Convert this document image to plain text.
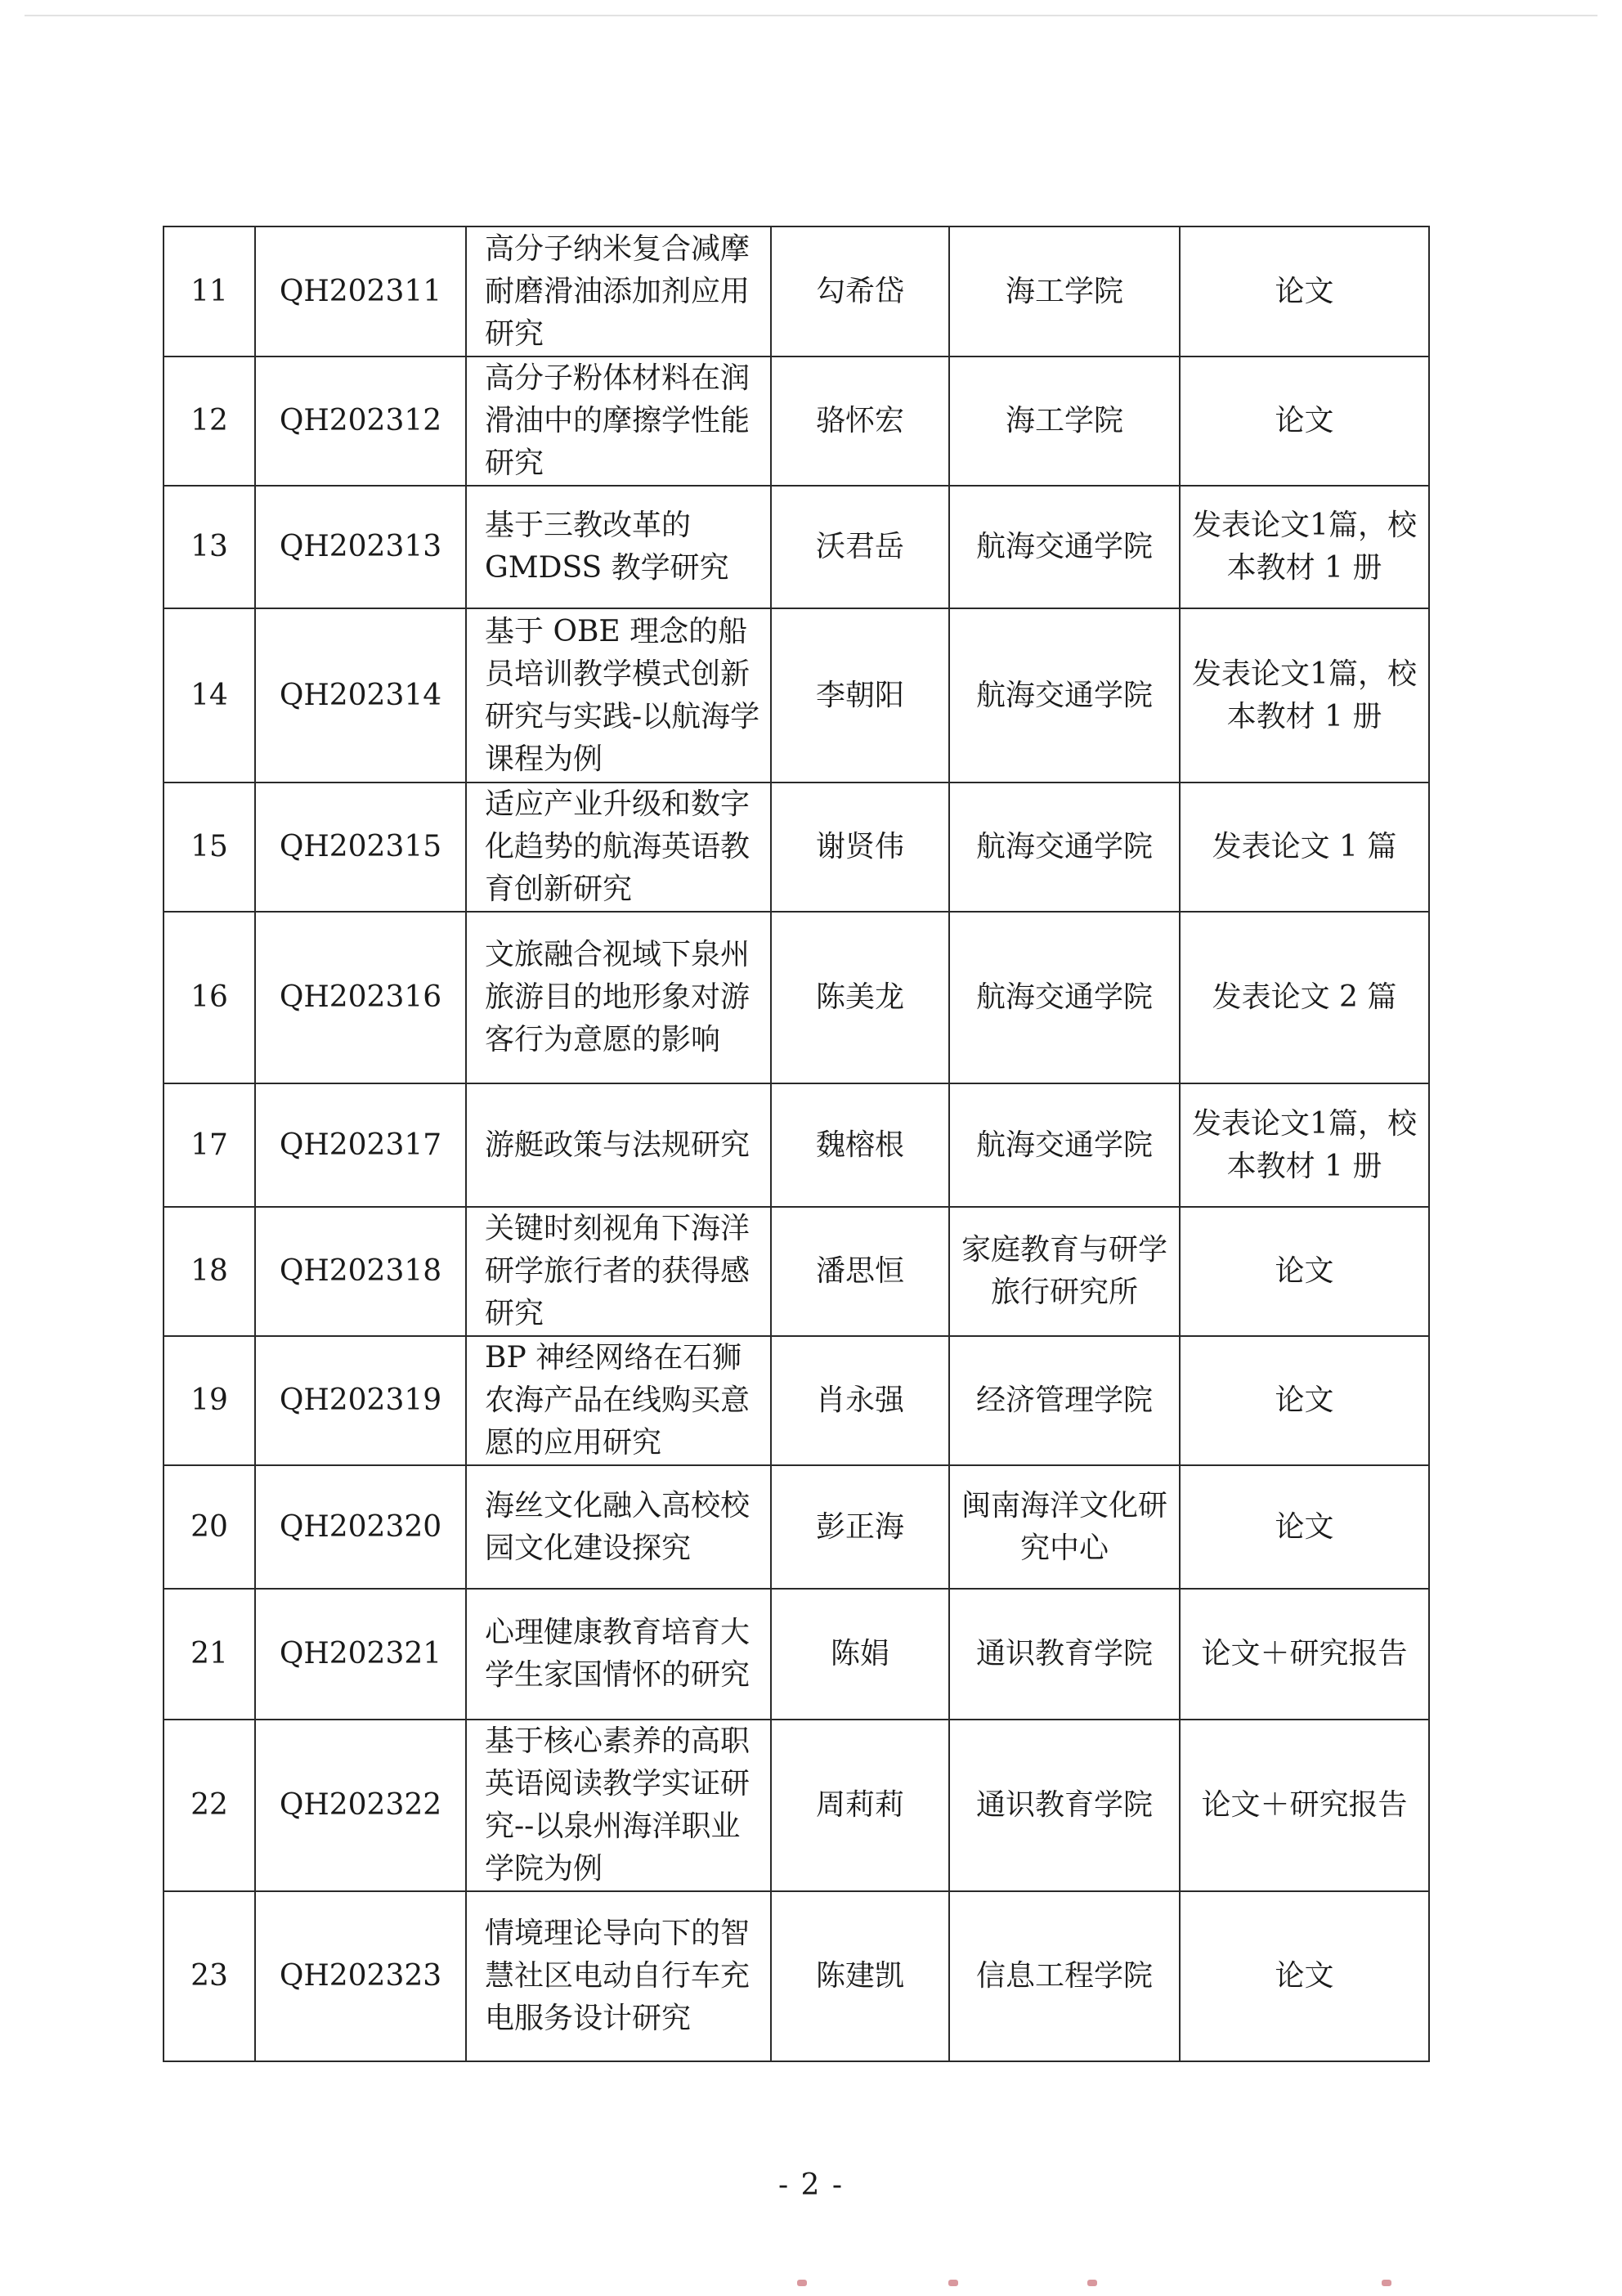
11	QH202311	高分子纳米复合减摩耐磨滑油添加剂应用研究	勾希岱	海工学院	论文
12	QH202312	高分子粉体材料在润滑油中的摩擦学性能研究	骆怀宏	海工学院	论文
13	QH202313	基于三教改革的GMDSS 教学研究	沃君岳	航海交通学院	发表论文1篇，校本教材 1 册
14	QH202314	基于 OBE 理念的船员培训教学模式创新研究与实践-以航海学课程为例	李朝阳	航海交通学院	发表论文1篇，校本教材 1 册
15	QH202315	适应产业升级和数字化趋势的航海英语教育创新研究	谢贤伟	航海交通学院	发表论文 1 篇
16	QH202316	文旅融合视域下泉州旅游目的地形象对游客行为意愿的影响	陈美龙	航海交通学院	发表论文 2 篇
17	QH202317	游艇政策与法规研究	魏榕根	航海交通学院	发表论文1篇，校本教材 1 册
18	QH202318	关键时刻视角下海洋研学旅行者的获得感研究	潘思恒	家庭教育与研学旅行研究所	论文
19	QH202319	BP 神经网络在石狮农海产品在线购买意愿的应用研究	肖永强	经济管理学院	论文
20	QH202320	海丝文化融入高校校园文化建设探究	彭正海	闽南海洋文化研究中心	论文
21	QH202321	心理健康教育培育大学生家国情怀的研究	陈娟	通识教育学院	论文＋研究报告
22	QH202322	基于核心素养的高职英语阅读教学实证研究--以泉州海洋职业学院为例	周莉莉	通识教育学院	论文＋研究报告
23	QH202323	情境理论导向下的智慧社区电动自行车充电服务设计研究	陈建凯	信息工程学院	论文
- 2 -
